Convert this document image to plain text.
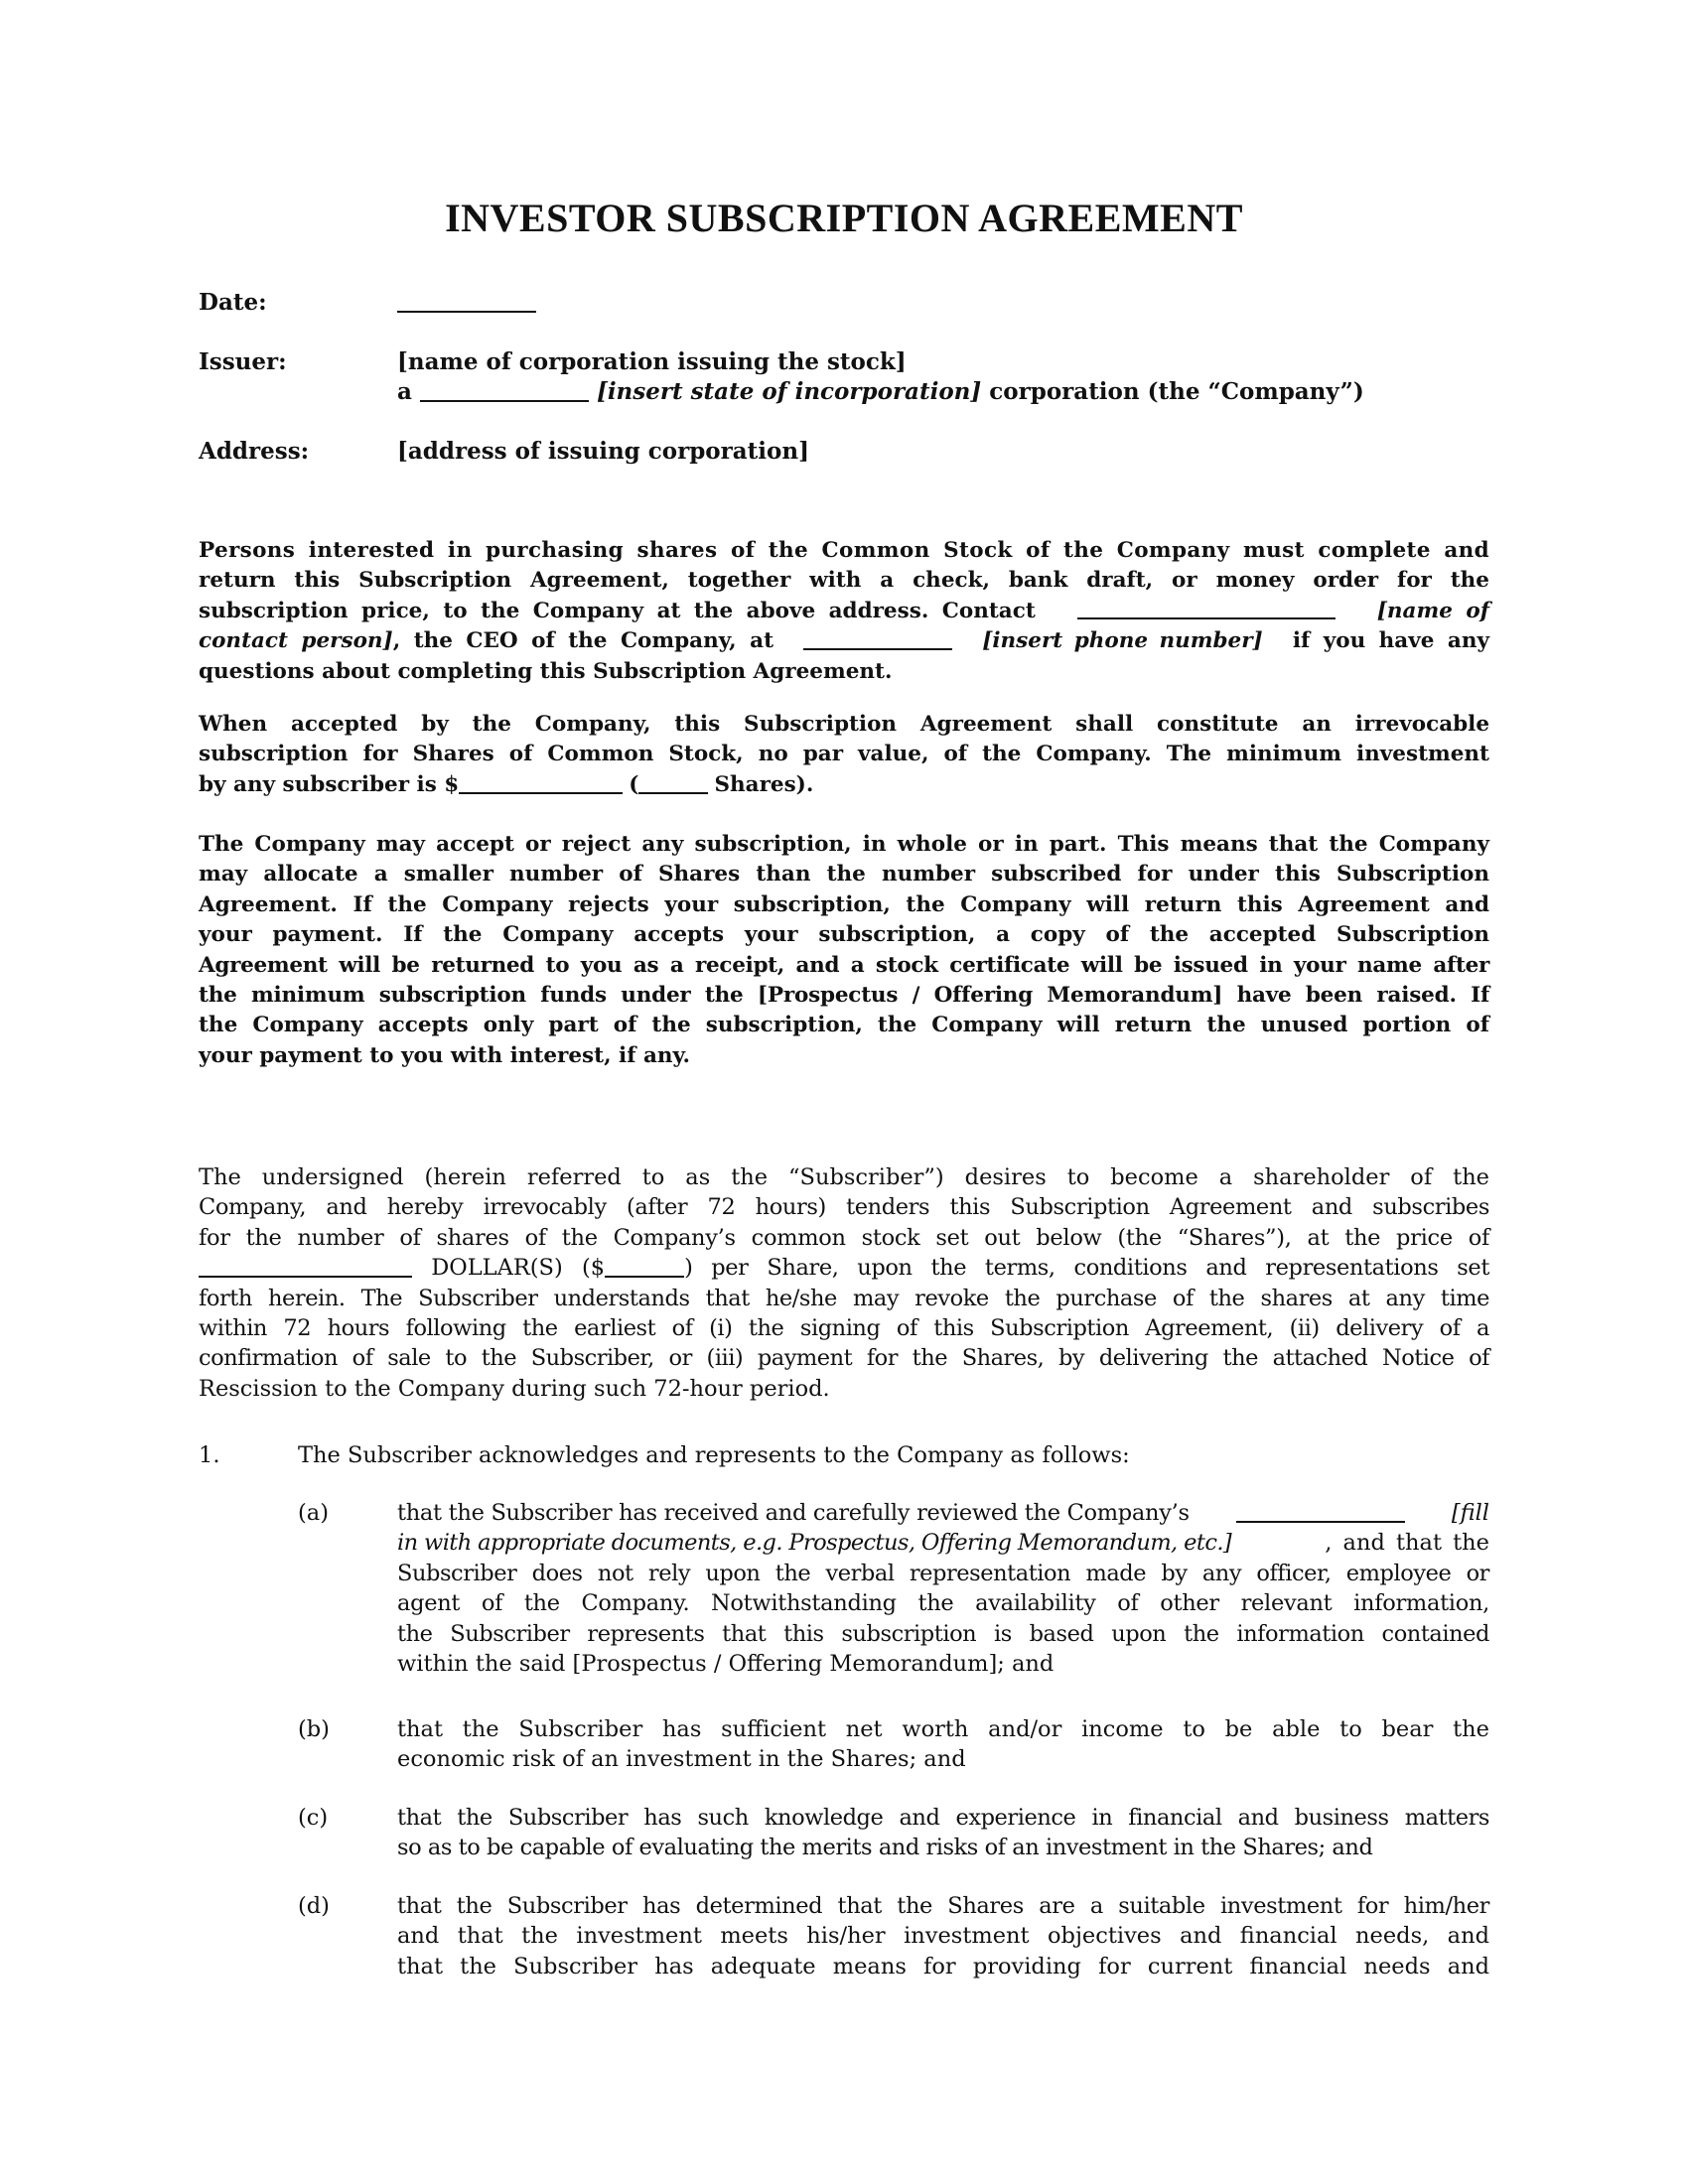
INVESTOR SUBSCRIPTION AGREEMENT
Date:
Issuer:	[name of corporation issuing the stock]
a	[insert state of incorporation] corporation (the “Company”)
Address:	[address of issuing corporation]
Persons interested in purchasing shares of the Common Stock of the Company must complete and
return this Subscription Agreement, together with a check, bank draft, or money order for the
subscription price, to the Company at the above address. Contact	[name of
contact person], the CEO of the Company, at	[insert phone number] if you have any
questions about completing this Subscription Agreement.
When accepted by the Company, this Subscription Agreement shall constitute an irrevocable
subscription for Shares of Common Stock, no par value, of the Company. The minimum investment
by any subscriber is $	(	Shares).
The Company may accept or reject any subscription, in whole or in part. This means that the Company
may allocate a smaller number of Shares than the number subscribed for under this Subscription
Agreement. If the Company rejects your subscription, the Company will return this Agreement and
your payment. If the Company accepts your subscription, a copy of the accepted Subscription
Agreement will be returned to you as a receipt, and a stock certificate will be issued in your name after
the minimum subscription funds under the [Prospectus / Offering Memorandum] have been raised. If
the Company accepts only part of the subscription, the Company will return the unused portion of
your payment to you with interest, if any.
The undersigned (herein referred to as the “Subscriber”) desires to become a shareholder of the
Company, and hereby irrevocably (after 72 hours) tenders this Subscription Agreement and subscribes
for the number of shares of the Company’s common stock set out below (the “Shares”), at the price of
DOLLAR(S) ($	) per Share, upon the terms, conditions and representations set
forth herein. The Subscriber understands that he/she may revoke the purchase of the shares at any time
within 72 hours following the earliest of (i) the signing of this Subscription Agreement, (ii) delivery of a
confirmation of sale to the Subscriber, or (iii) payment for the Shares, by delivering the attached Notice of
Rescission to the Company during such 72-hour period.
1.	The Subscriber acknowledges and represents to the Company as follows:
(a)	that the Subscriber has received and carefully reviewed the Company’s	[fill
in with appropriate documents, e.g. Prospectus, Offering Memorandum, etc.]	, and that the
Subscriber does not rely upon the verbal representation made by any officer, employee or
agent of the Company. Notwithstanding the availability of other relevant information,
the Subscriber represents that this subscription is based upon the information contained
within the said [Prospectus / Offering Memorandum]; and
(b)	that the Subscriber has sufficient net worth and/or income to be able to bear the
economic risk of an investment in the Shares; and
(c)	that the Subscriber has such knowledge and experience in financial and business matters
so as to be capable of evaluating the merits and risks of an investment in the Shares; and
(d)	that the Subscriber has determined that the Shares are a suitable investment for him/her
and that the investment meets his/her investment objectives and financial needs, and
that the Subscriber has adequate means for providing for current financial needs and
